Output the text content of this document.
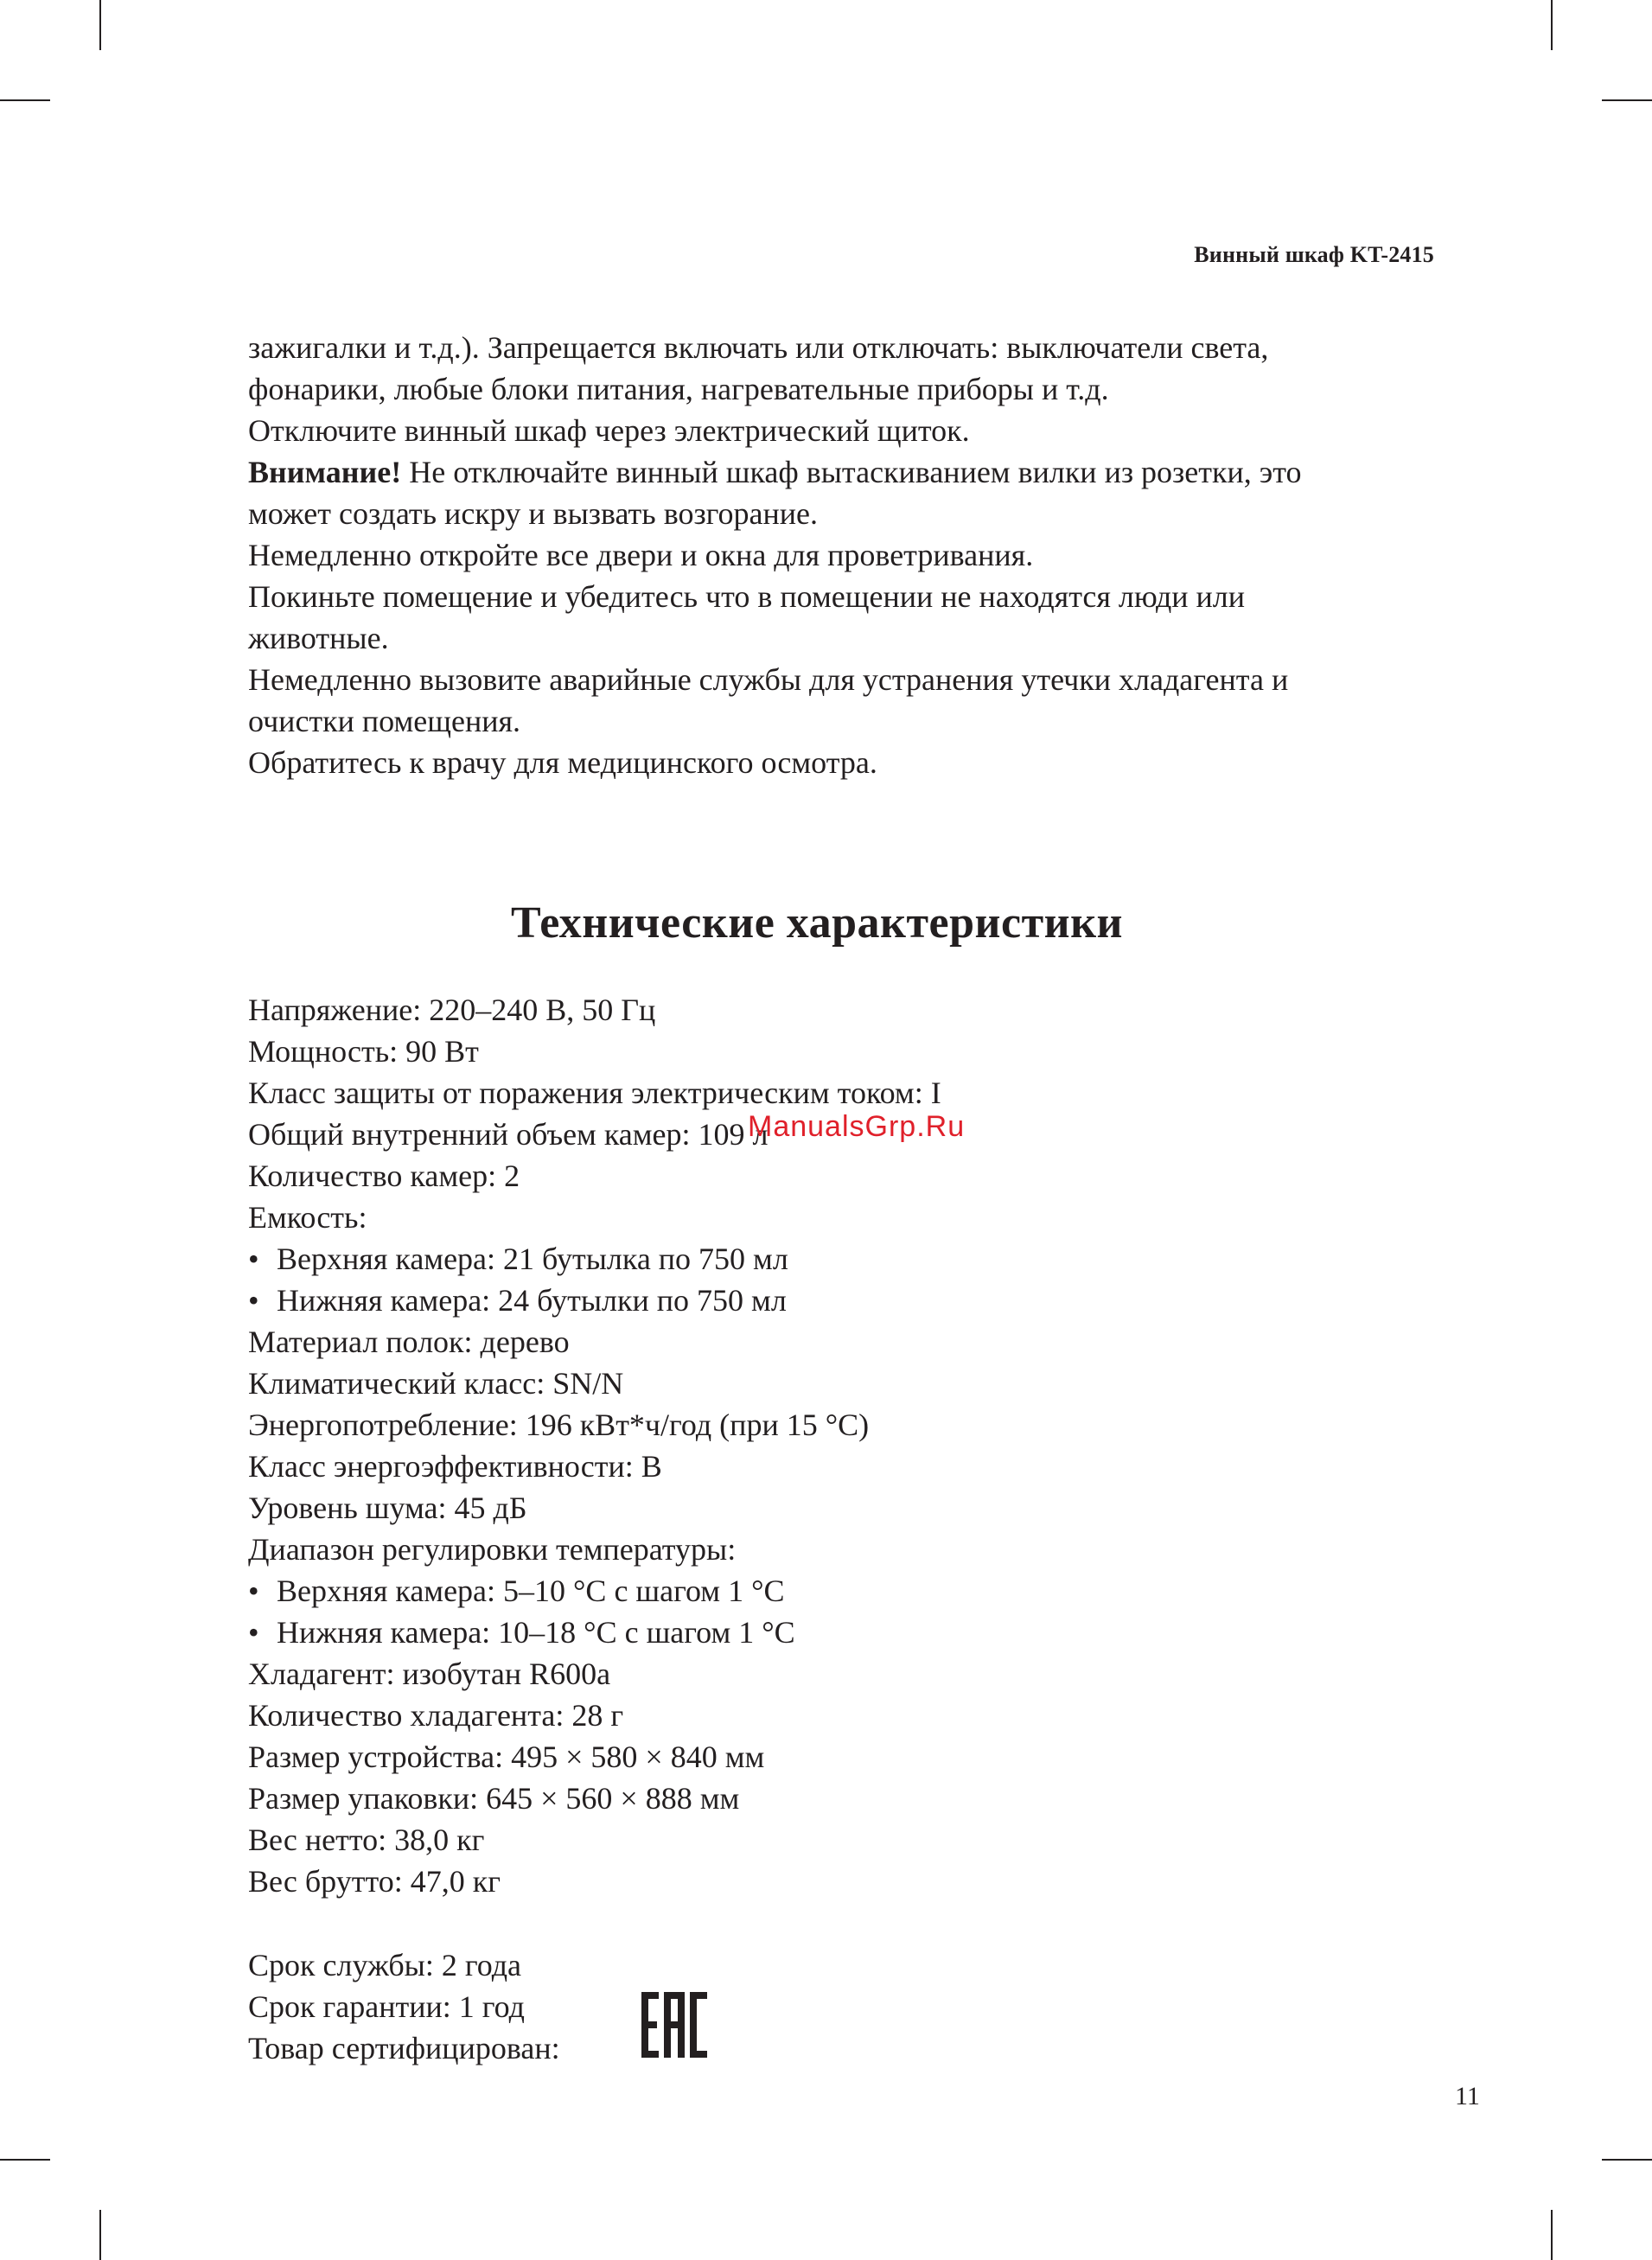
Винный шкаф KT-2415
зажигалки и т.д.). Запрещается включать или отключать: выключатели света,
фонарики, любые блоки питания, нагревательные приборы и т.д.
Отключите винный шкаф через электрический щиток.
Внимание! Не отключайте винный шкаф вытаскиванием вилки из розетки, это
может создать искру и вызвать возгорание.
Немедленно откройте все двери и окна для проветривания.
Покиньте помещение и убедитесь что в помещении не находятся люди или
животные.
Немедленно вызовите аварийные службы для устранения утечки хладагента и
очистки помещения.
Обратитесь к врачу для медицинского осмотра.
Технические характеристики
Напряжение: 220–240 В, 50 Гц
Мощность: 90 Вт
Класс защиты от поражения электрическим током: I
Общий внутренний объем камер: 109 л
Количество камер: 2
Емкость:
• Верхняя камера: 21 бутылка по 750 мл
• Нижняя камера: 24 бутылки по 750 мл
Материал полок: дерево
Климатический класс: SN/N
Энергопотребление: 196 кВт*ч/год (при 15 °C)
Класс энергоэффективности: B
Уровень шума: 45 дБ
Диапазон регулировки температуры:
• Верхняя камера: 5–10 °C с шагом 1 °C
• Нижняя камера: 10–18 °C с шагом 1 °C
Хладагент: изобутан R600a
Количество хладагента: 28 г
Размер устройства: 495 × 580 × 840 мм
Размер упаковки: 645 × 560 × 888 мм
Вес нетто: 38,0 кг
Вес брутто: 47,0 кг
Срок службы: 2 года
Срок гарантии: 1 год
Товар сертифицирован:
ManualsGrp.Ru
11
